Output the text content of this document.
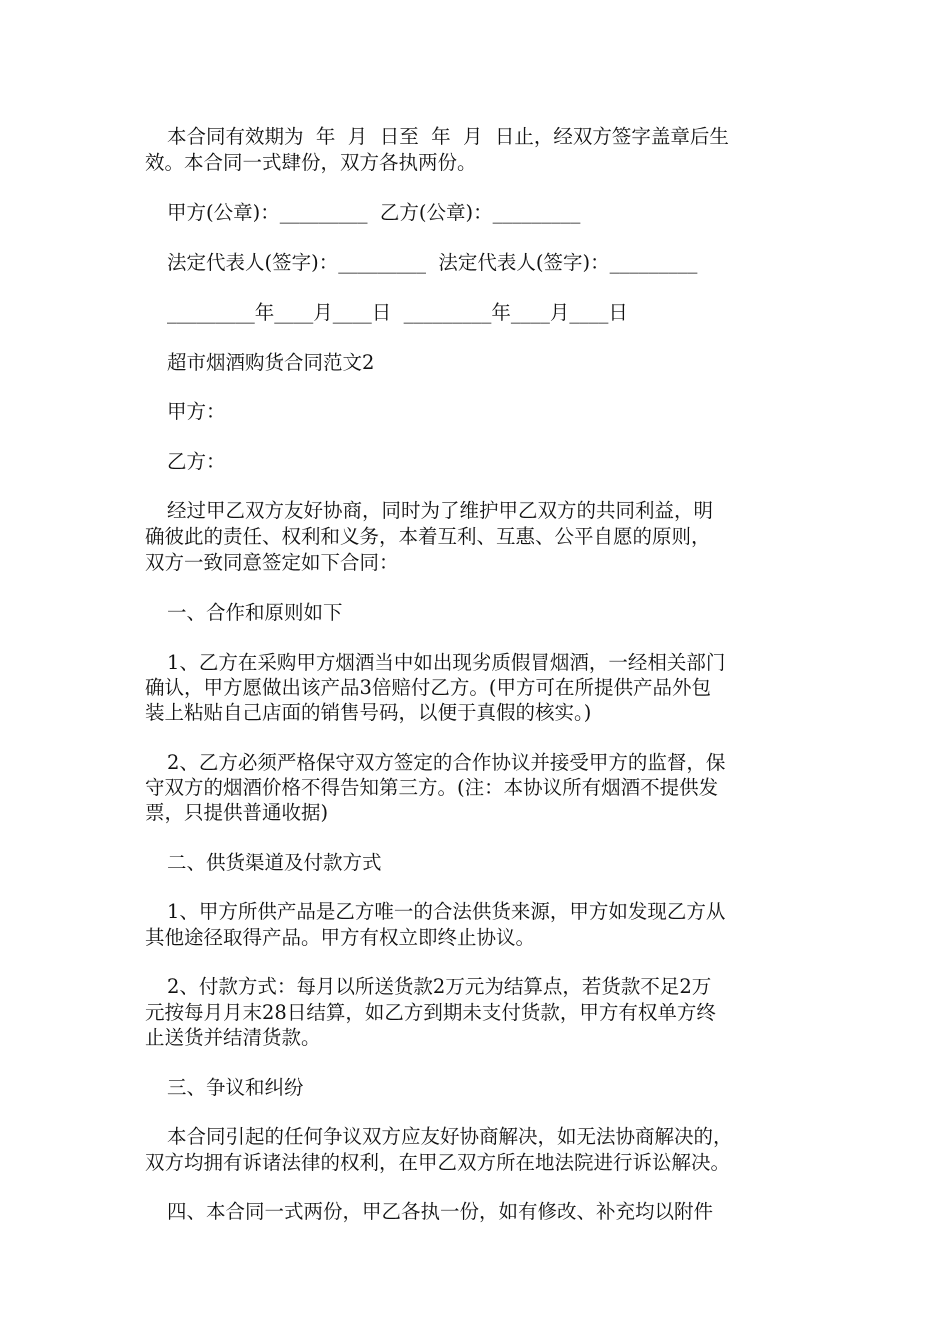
本合同有效期为  年  月  日至  年  月  日止，经双方签字盖章后生
效。本合同一式肆份，双方各执两份。
甲方(公章)：_________  乙方(公章)：_________
法定代表人(签字)：_________  法定代表人(签字)：_________
_________年____月____日  _________年____月____日
超市烟酒购货合同范文2
甲方：
乙方：
经过甲乙双方友好协商，同时为了维护甲乙双方的共同利益，明
确彼此的责任、权利和义务，本着互利、互惠、公平自愿的原则，
双方一致同意签定如下合同：
一、合作和原则如下
1、乙方在采购甲方烟酒当中如出现劣质假冒烟酒，一经相关部门
确认，甲方愿做出该产品3倍赔付乙方。(甲方可在所提供产品外包
装上粘贴自己店面的销售号码，以便于真假的核实。)
2、乙方必须严格保守双方签定的合作协议并接受甲方的监督，保
守双方的烟酒价格不得告知第三方。(注：本协议所有烟酒不提供发
票，只提供普通收据)
二、供货渠道及付款方式
1、甲方所供产品是乙方唯一的合法供货来源，甲方如发现乙方从
其他途径取得产品。甲方有权立即终止协议。
2、付款方式：每月以所送货款2万元为结算点，若货款不足2万
元按每月月末28日结算，如乙方到期未支付货款，甲方有权单方终
止送货并结清货款。
三、争议和纠纷
本合同引起的任何争议双方应友好协商解决，如无法协商解决的，
双方均拥有诉诸法律的权利，在甲乙双方所在地法院进行诉讼解决。
四、本合同一式两份，甲乙各执一份，如有修改、补充均以附件
